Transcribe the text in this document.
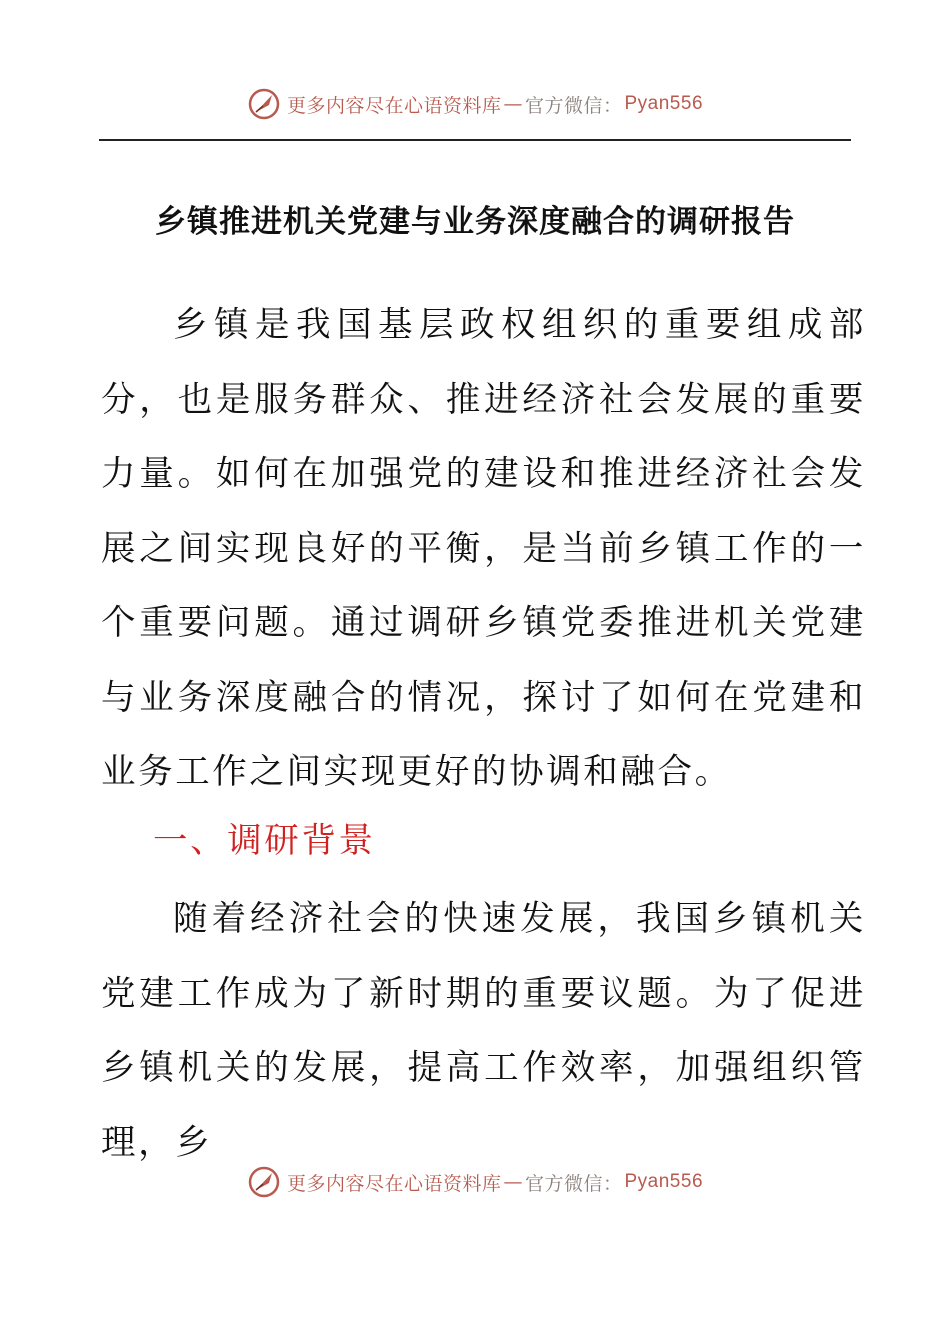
更多内容尽在心语资料库 — 官方微信： Pyan556
乡镇推进机关党建与业务深度融合的调研报告

乡镇是我国基层政权组织的重要组成部分，也是服务群众、推进经济社会发展的重要力量。如何在加强党的建设和推进经济社会发展之间实现良好的平衡，是当前乡镇工作的一个重要问题。通过调研乡镇党委推进机关党建与业务深度融合的情况，探讨了如何在党建和业务工作之间实现更好的协调和融合。

一、调研背景

随着经济社会的快速发展，我国乡镇机关党建工作成为了新时期的重要议题。为了促进乡镇机关的发展，提高工作效率，加强组织管理，乡

更多内容尽在心语资料库 — 官方微信： Pyan556
